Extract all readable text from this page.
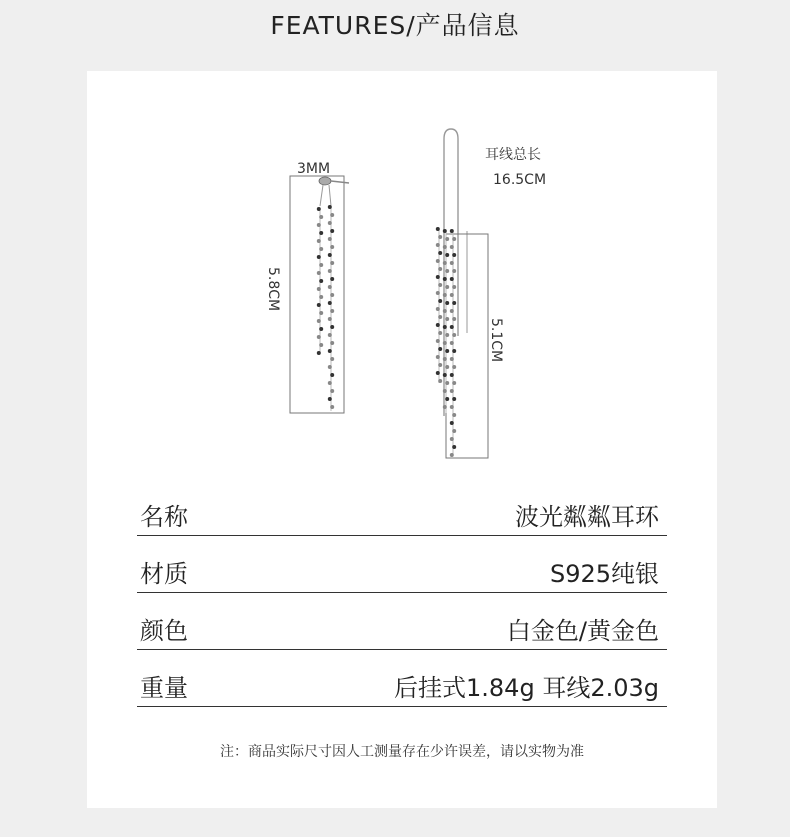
FEATURES/产品信息
3MM
5.8CM
耳线总长
16.5CM
5.1CM
名称	波光粼粼耳环
材质	S925纯银
颜色	白金色/黄金色
重量	后挂式1.84g 耳线2.03g
注：商品实际尺寸因人工测量存在少许误差，请以实物为准
